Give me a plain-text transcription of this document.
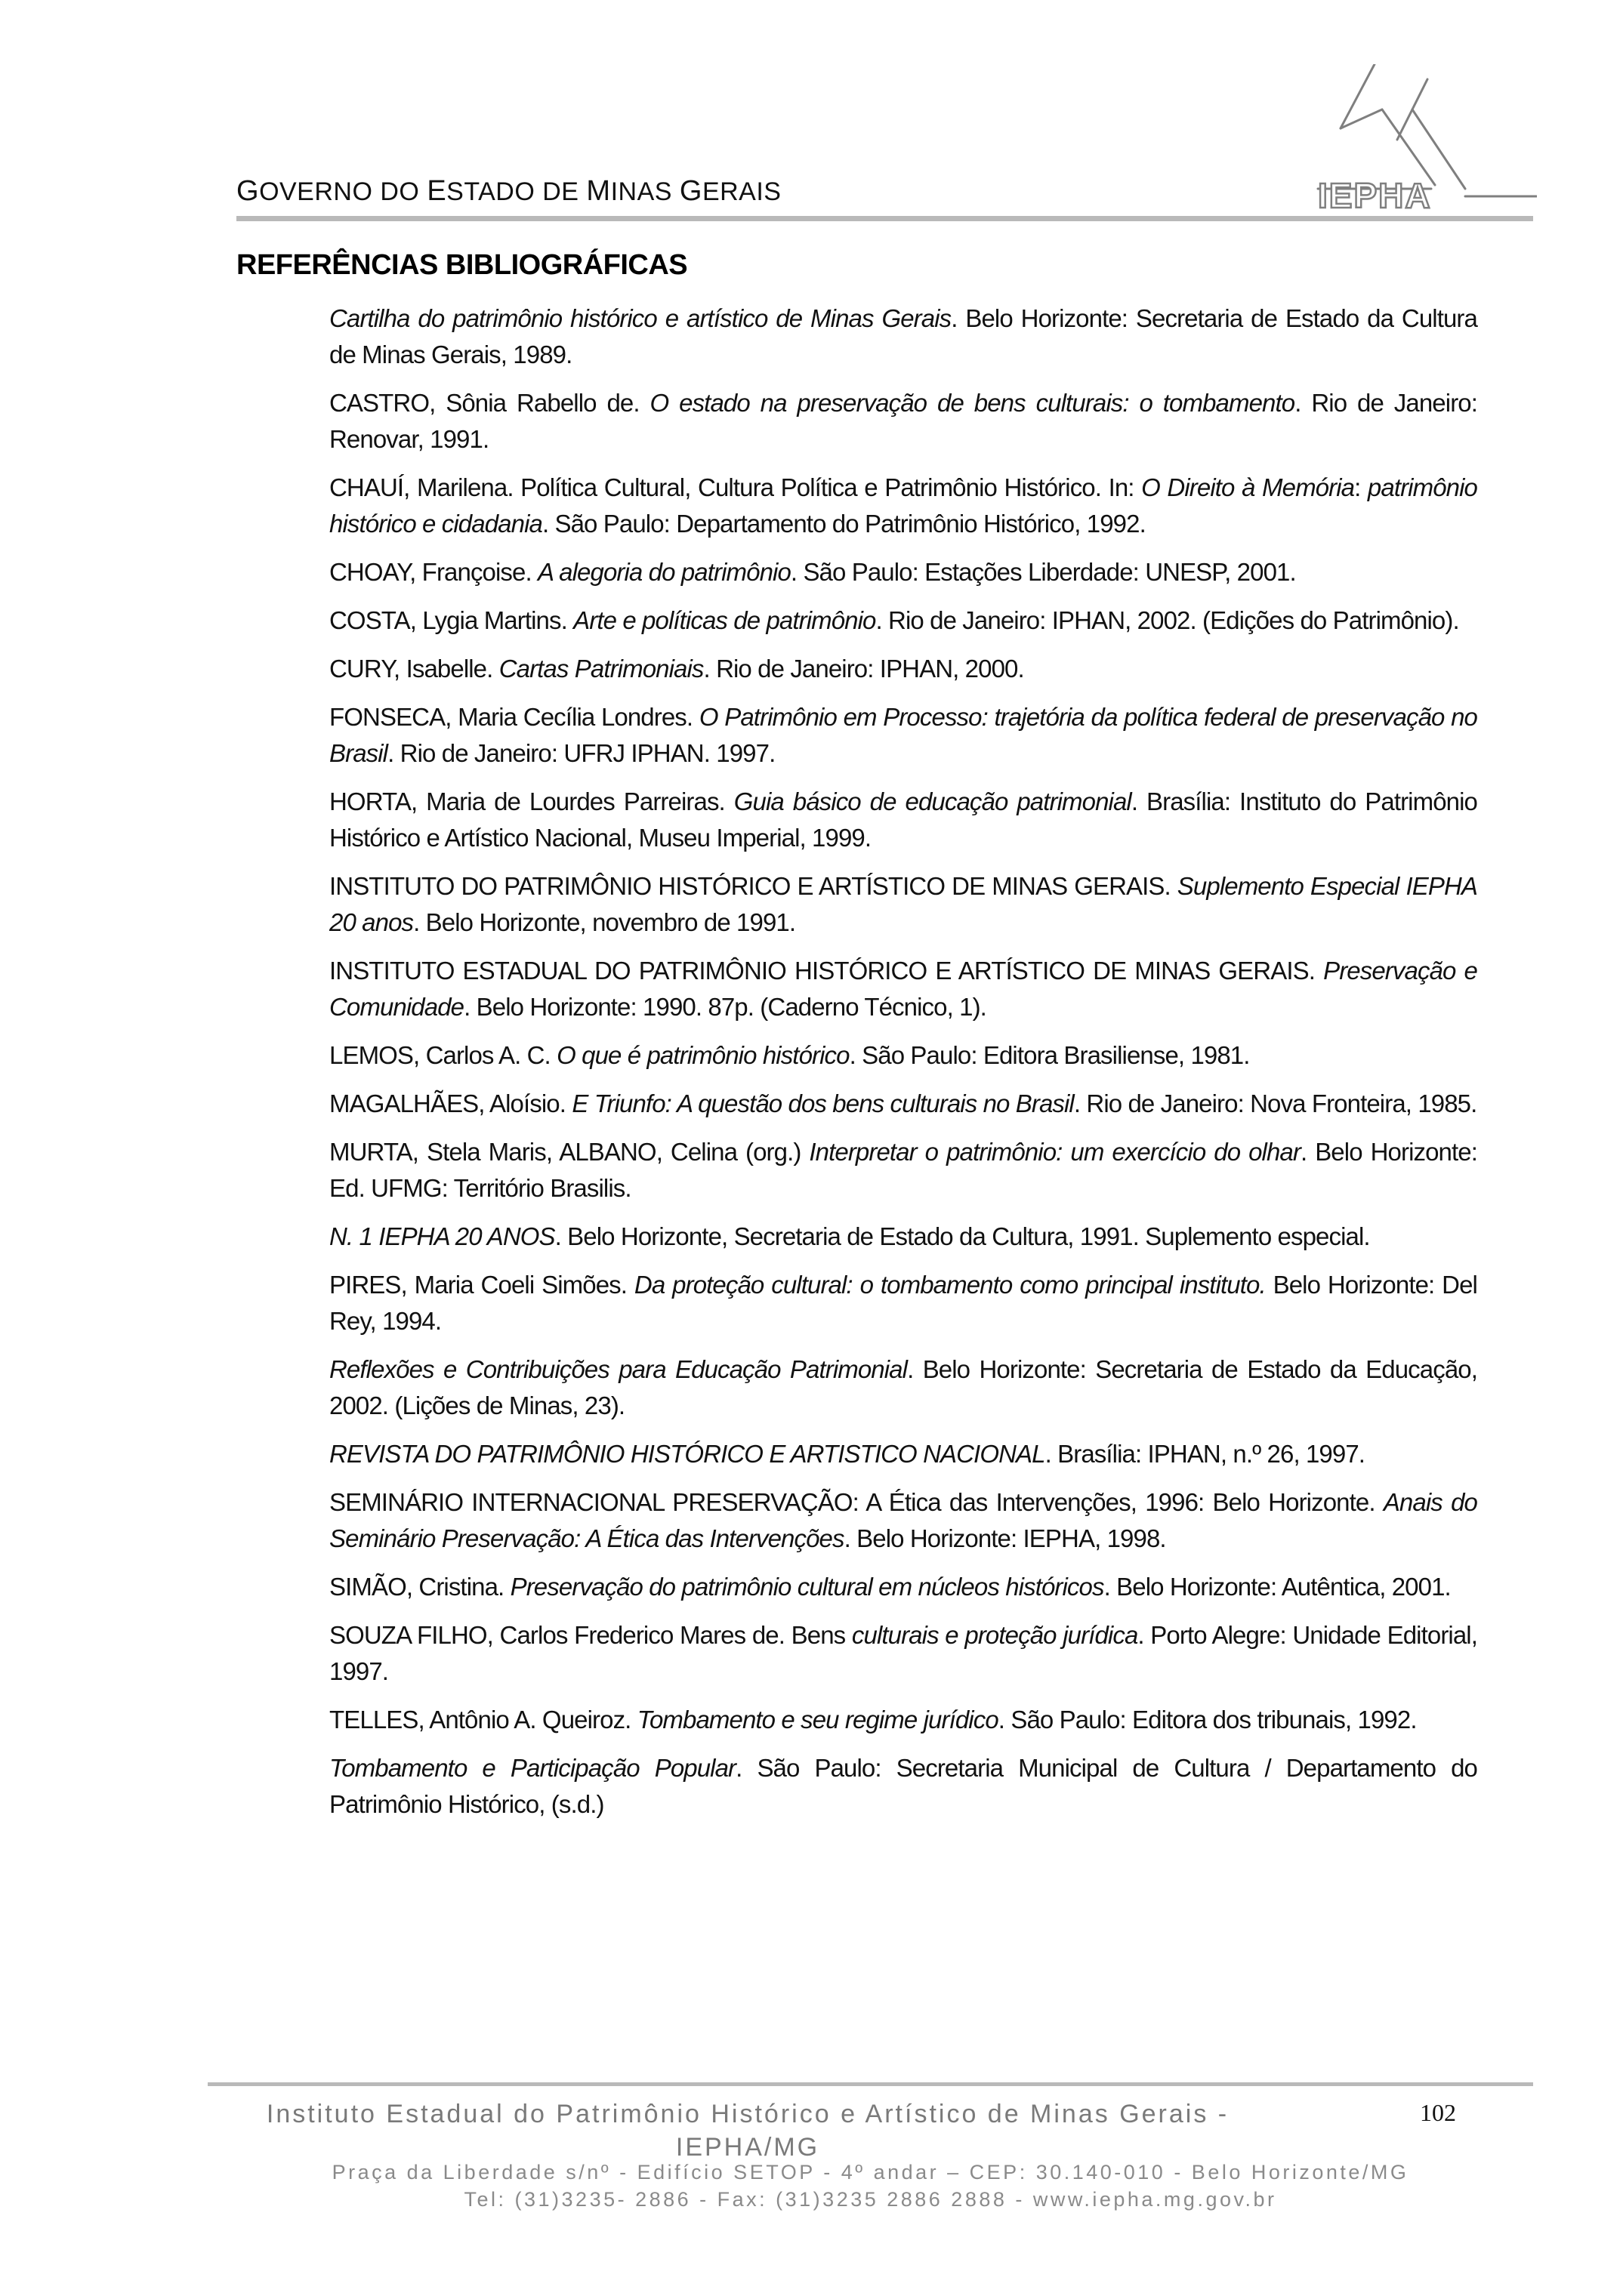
GOVERNO DO ESTADO DE MINAS GERAIS	IEPHA
REFERÊNCIAS BIBLIOGRÁFICAS
Cartilha do patrimônio histórico e artístico de Minas Gerais. Belo Horizonte: Secretaria de Estado da Cultura de Minas Gerais, 1989.
CASTRO, Sônia Rabello de. O estado na preservação de bens culturais: o tombamento. Rio de Janeiro: Renovar, 1991.
CHAUÍ, Marilena. Política Cultural, Cultura Política e Patrimônio Histórico. In: O Direito à Memória: patrimônio histórico e cidadania. São Paulo: Departamento do Patrimônio Histórico, 1992.
CHOAY, Françoise. A alegoria do patrimônio. São Paulo: Estações Liberdade: UNESP, 2001.
COSTA, Lygia Martins. Arte e políticas de patrimônio. Rio de Janeiro: IPHAN, 2002. (Edições do Patrimônio).
CURY, Isabelle. Cartas Patrimoniais. Rio de Janeiro: IPHAN, 2000.
FONSECA, Maria Cecília Londres. O Patrimônio em Processo: trajetória da política federal de preservação no Brasil. Rio de Janeiro: UFRJ IPHAN. 1997.
HORTA, Maria de Lourdes Parreiras. Guia básico de educação patrimonial. Brasília: Instituto do Patrimônio Histórico e Artístico Nacional, Museu Imperial, 1999.
INSTITUTO DO PATRIMÔNIO HISTÓRICO E ARTÍSTICO DE MINAS GERAIS. Suplemento Especial IEPHA 20 anos. Belo Horizonte, novembro de 1991.
INSTITUTO ESTADUAL DO PATRIMÔNIO HISTÓRICO E ARTÍSTICO DE MINAS GERAIS. Preservação e Comunidade. Belo Horizonte: 1990. 87p. (Caderno Técnico, 1).
LEMOS, Carlos A. C. O que é patrimônio histórico. São Paulo: Editora Brasiliense, 1981.
MAGALHÃES, Aloísio. E Triunfo: A questão dos bens culturais no Brasil. Rio de Janeiro: Nova Fronteira, 1985.
MURTA, Stela Maris, ALBANO, Celina (org.) Interpretar o patrimônio: um exercício do olhar. Belo Horizonte: Ed. UFMG: Território Brasilis.
N. 1 IEPHA 20 ANOS. Belo Horizonte, Secretaria de Estado da Cultura, 1991. Suplemento especial.
PIRES, Maria Coeli Simões. Da proteção cultural: o tombamento como principal instituto. Belo Horizonte: Del Rey, 1994.
Reflexões e Contribuições para Educação Patrimonial. Belo Horizonte: Secretaria de Estado da Educação, 2002. (Lições de Minas, 23).
REVISTA DO PATRIMÔNIO HISTÓRICO E ARTISTICO NACIONAL. Brasília: IPHAN, n.º 26, 1997.
SEMINÁRIO INTERNACIONAL PRESERVAÇÃO: A Ética das Intervenções, 1996: Belo Horizonte. Anais do Seminário Preservação: A Ética das Intervenções. Belo Horizonte: IEPHA, 1998.
SIMÃO, Cristina. Preservação do patrimônio cultural em núcleos históricos. Belo Horizonte: Autêntica, 2001.
SOUZA FILHO, Carlos Frederico Mares de. Bens culturais e proteção jurídica. Porto Alegre: Unidade Editorial, 1997.
TELLES, Antônio A. Queiroz. Tombamento e seu regime jurídico. São Paulo: Editora dos tribunais, 1992.
Tombamento e Participação Popular. São Paulo: Secretaria Municipal de Cultura / Departamento do Patrimônio Histórico, (s.d.)
Instituto Estadual do Patrimônio Histórico e Artístico de Minas Gerais - IEPHA/MG
102
Praça da Liberdade s/nº - Edifício SETOP - 4º andar – CEP: 30.140-010 - Belo Horizonte/MG
Tel: (31)3235- 2886 - Fax: (31)3235 2886 2888 - www.iepha.mg.gov.br
